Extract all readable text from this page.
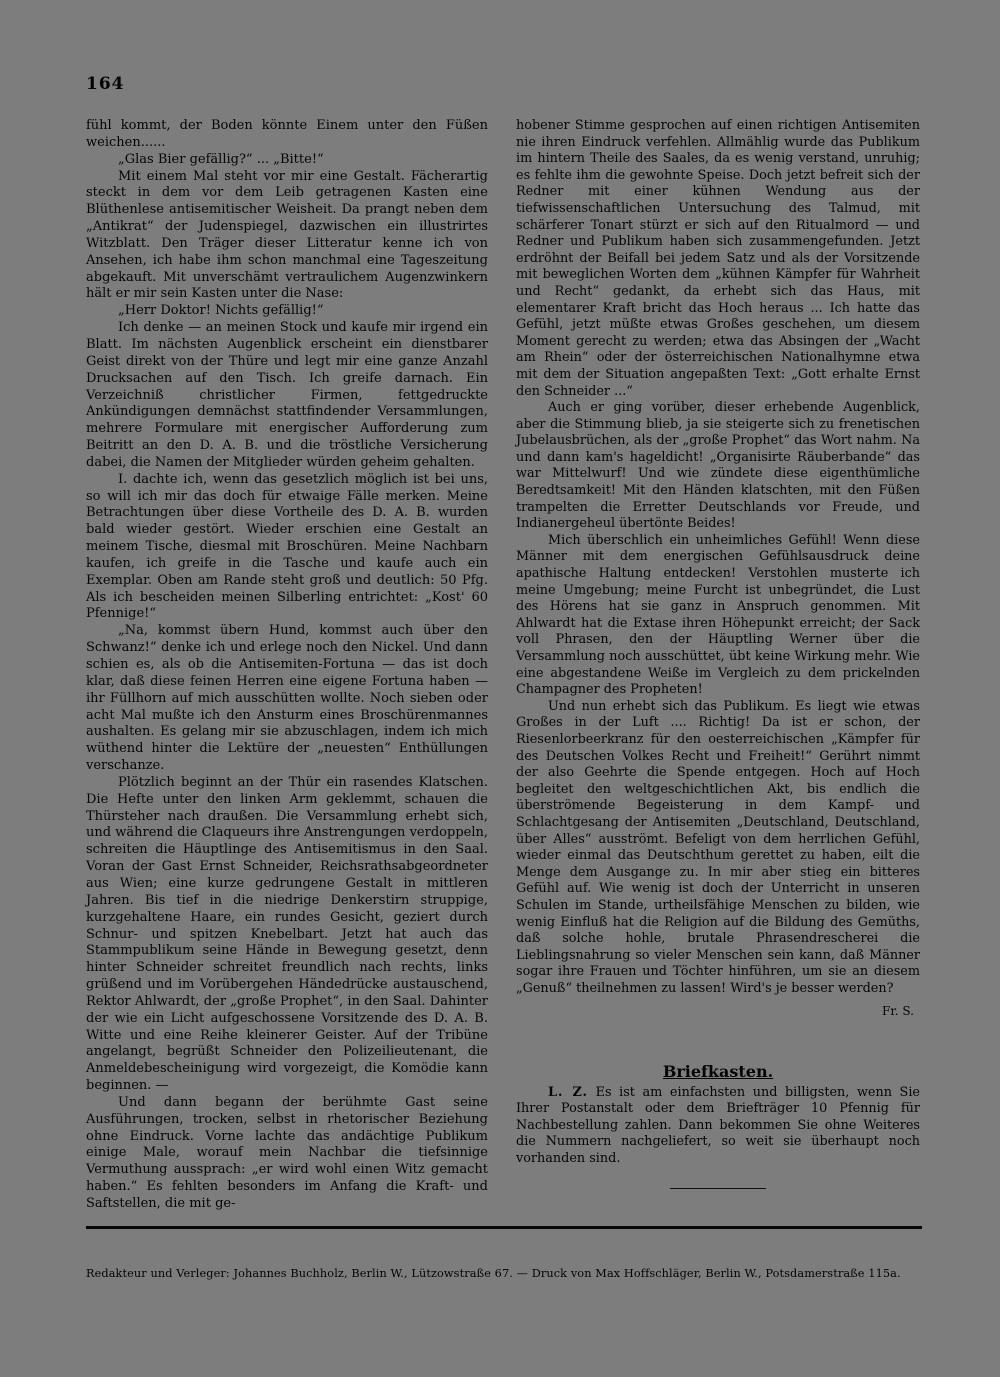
164

fühl kommt, der Boden könnte Einem unter den Füßen weichen......

„Glas Bier gefällig?“ ... „Bitte!“

Mit einem Mal steht vor mir eine Gestalt. Fächerartig steckt in dem vor dem Leib getragenen Kasten eine Blüthenlese antisemitischer Weisheit. Da prangt neben dem „Antikrat“ der Judenspiegel, dazwischen ein illustrirtes Witzblatt. Den Träger dieser Litteratur kenne ich von Ansehen, ich habe ihm schon manchmal eine Tageszeitung abgekauft. Mit unverschämt vertraulichem Augenzwinkern hält er mir sein Kasten unter die Nase:

„Herr Doktor! Nichts gefällig!“

Ich denke — an meinen Stock und kaufe mir irgend ein Blatt. Im nächsten Augenblick erscheint ein dienstbarer Geist direkt von der Thüre und legt mir eine ganze Anzahl Drucksachen auf den Tisch. Ich greife darnach. Ein Verzeichniß christlicher Firmen, fettgedruckte Ankündigungen demnächst stattfindender Versammlungen, mehrere Formulare mit energischer Aufforderung zum Beitritt an den D. A. B. und die tröstliche Versicherung dabei, die Namen der Mitglieder würden geheim gehalten.

I. dachte ich, wenn das gesetzlich möglich ist bei uns, so will ich mir das doch für etwaige Fälle merken. Meine Betrachtungen über diese Vortheile des D. A. B. wurden bald wieder gestört. Wieder erschien eine Gestalt an meinem Tische, diesmal mit Broschüren. Meine Nachbarn kaufen, ich greife in die Tasche und kaufe auch ein Exemplar. Oben am Rande steht groß und deutlich: 50 Pfg. Als ich bescheiden meinen Silberling entrichtet: „Kost' 60 Pfennige!“

„Na, kommst übern Hund, kommst auch über den Schwanz!“ denke ich und erlege noch den Nickel. Und dann schien es, als ob die Antisemiten-Fortuna — das ist doch klar, daß diese feinen Herren eine eigene Fortuna haben — ihr Füllhorn auf mich ausschütten wollte. Noch sieben oder acht Mal mußte ich den Ansturm eines Broschürenmannes aushalten. Es gelang mir sie abzuschlagen, indem ich mich wüthend hinter die Lektüre der „neuesten“ Enthüllungen verschanze.

Plötzlich beginnt an der Thür ein rasendes Klatschen. Die Hefte unter den linken Arm geklemmt, schauen die Thürsteher nach draußen. Die Versammlung erhebt sich, und während die Claqueurs ihre Anstrengungen verdoppeln, schreiten die Häuptlinge des Antisemitismus in den Saal. Voran der Gast Ernst Schneider, Reichsrathsabgeordneter aus Wien; eine kurze gedrungene Gestalt in mittleren Jahren. Bis tief in die niedrige Denkerstirn struppige, kurzgehaltene Haare, ein rundes Gesicht, geziert durch Schnur- und spitzen Knebelbart. Jetzt hat auch das Stammpublikum seine Hände in Bewegung gesetzt, denn hinter Schneider schreitet freundlich nach rechts, links grüßend und im Vorübergehen Händedrücke austauschend, Rektor Ahlwardt, der „große Prophet“, in den Saal. Dahinter der wie ein Licht aufgeschossene Vorsitzende des D. A. B. Witte und eine Reihe kleinerer Geister. Auf der Tribüne angelangt, begrüßt Schneider den Polizeilieutenant, die Anmeldebescheinigung wird vorgezeigt, die Komödie kann beginnen. —

Und dann begann der berühmte Gast seine Ausführungen, trocken, selbst in rhetorischer Beziehung ohne Eindruck. Vorne lachte das andächtige Publikum einige Male, worauf mein Nachbar die tiefsinnige Vermuthung aussprach: „er wird wohl einen Witz gemacht haben.“ Es fehlten besonders im Anfang die Kraft- und Saftstellen, die mit ge-

hobener Stimme gesprochen auf einen richtigen Antisemiten nie ihren Eindruck verfehlen. Allmählig wurde das Publikum im hintern Theile des Saales, da es wenig verstand, unruhig; es fehlte ihm die gewohnte Speise. Doch jetzt befreit sich der Redner mit einer kühnen Wendung aus der tiefwissenschaftlichen Untersuchung des Talmud, mit schärferer Tonart stürzt er sich auf den Ritualmord — und Redner und Publikum haben sich zusammengefunden. Jetzt erdröhnt der Beifall bei jedem Satz und als der Vorsitzende mit beweglichen Worten dem „kühnen Kämpfer für Wahrheit und Recht“ gedankt, da erhebt sich das Haus, mit elementarer Kraft bricht das Hoch heraus ... Ich hatte das Gefühl, jetzt müßte etwas Großes geschehen, um diesem Moment gerecht zu werden; etwa das Absingen der „Wacht am Rhein“ oder der österreichischen Nationalhymne etwa mit dem der Situation angepaßten Text: „Gott erhalte Ernst den Schneider ...“

Auch er ging vorüber, dieser erhebende Augenblick, aber die Stimmung blieb, ja sie steigerte sich zu frenetischen Jubelausbrüchen, als der „große Prophet“ das Wort nahm. Na und dann kam's hageldicht! „Organisirte Räuberbande“ das war Mittelwurf! Und wie zündete diese eigenthümliche Beredtsamkeit! Mit den Händen klatschten, mit den Füßen trampelten die Erretter Deutschlands vor Freude, und Indianergeheul übertönte Beides!

Mich überschlich ein unheimliches Gefühl! Wenn diese Männer mit dem energischen Gefühlsausdruck deine apathische Haltung entdecken! Verstohlen musterte ich meine Umgebung; meine Furcht ist unbegründet, die Lust des Hörens hat sie ganz in Anspruch genommen. Mit Ahlwardt hat die Extase ihren Höhepunkt erreicht; der Sack voll Phrasen, den der Häuptling Werner über die Versammlung noch ausschüttet, übt keine Wirkung mehr. Wie eine abgestandene Weiße im Vergleich zu dem prickelnden Champagner des Propheten!

Und nun erhebt sich das Publikum. Es liegt wie etwas Großes in der Luft .... Richtig! Da ist er schon, der Riesenlorbeerkranz für den oesterreichischen „Kämpfer für des Deutschen Volkes Recht und Freiheit!“ Gerührt nimmt der also Geehrte die Spende entgegen. Hoch auf Hoch begleitet den weltgeschichtlichen Akt, bis endlich die überströmende Begeisterung in dem Kampf- und Schlachtgesang der Antisemiten „Deutschland, Deutschland, über Alles“ ausströmt. Befeligt von dem herrlichen Gefühl, wieder einmal das Deutschthum gerettet zu haben, eilt die Menge dem Ausgange zu. In mir aber stieg ein bitteres Gefühl auf. Wie wenig ist doch der Unterricht in unseren Schulen im Stande, urtheilsfähige Menschen zu bilden, wie wenig Einfluß hat die Religion auf die Bildung des Gemüths, daß solche hohle, brutale Phrasendrescherei die Lieblingsnahrung so vieler Menschen sein kann, daß Männer sogar ihre Frauen und Töchter hinführen, um sie an diesem „Genuß“ theilnehmen zu lassen! Wird's je besser werden?

Fr. S.

Briefkasten.

L. Z. Es ist am einfachsten und billigsten, wenn Sie Ihrer Postanstalt oder dem Briefträger 10 Pfennig für Nachbestellung zahlen. Dann bekommen Sie ohne Weiteres die Nummern nachgeliefert, so weit sie überhaupt noch vorhanden sind.

Redakteur und Verleger: Johannes Buchholz, Berlin W., Lützowstraße 67. — Druck von Max Hoffschläger, Berlin W., Potsdamerstraße 115a.
